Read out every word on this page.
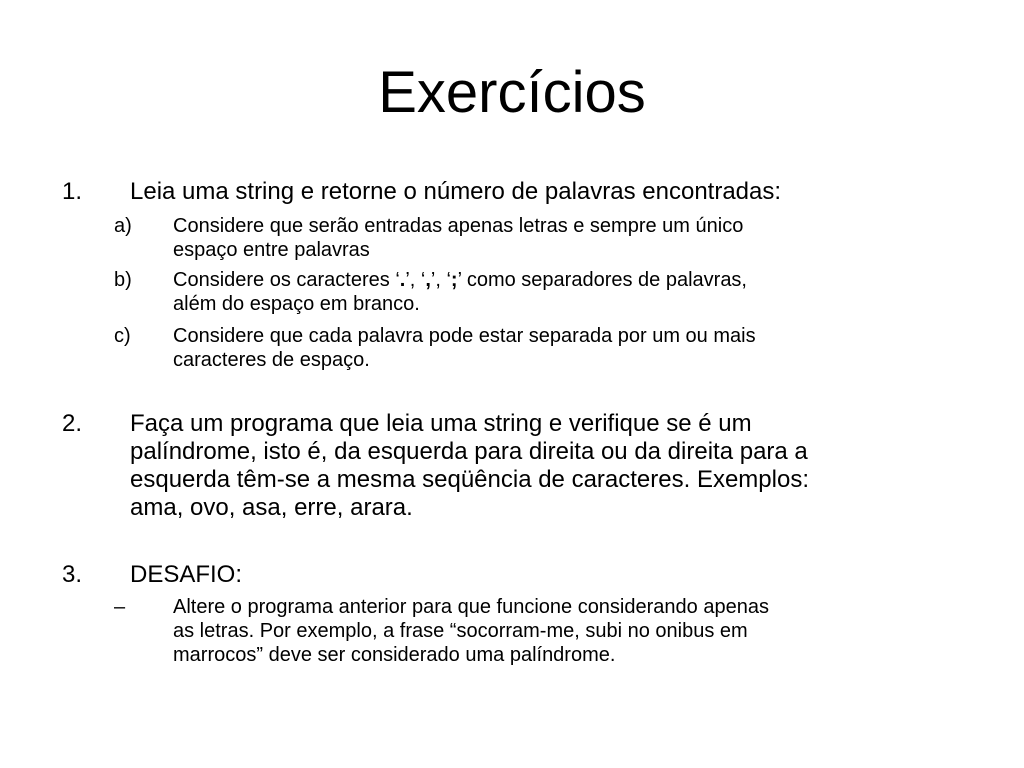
Exercícios
1. Leia uma string e retorne o número de palavras encontradas:
a) Considere que serão entradas apenas letras e sempre um único
espaço entre palavras
b) Considere os caracteres ‘.’, ‘,’, ‘;’ como separadores de palavras,
além do espaço em branco.
c) Considere que cada palavra pode estar separada por um ou mais
caracteres de espaço.
2. Faça um programa que leia uma string e verifique se é um
palíndrome, isto é, da esquerda para direita ou da direita para a
esquerda têm-se a mesma seqüência de caracteres. Exemplos:
ama, ovo, asa, erre, arara.
3. DESAFIO:
– Altere o programa anterior para que funcione considerando apenas
as letras. Por exemplo, a frase “socorram-me, subi no onibus em
marrocos” deve ser considerado uma palíndrome.
